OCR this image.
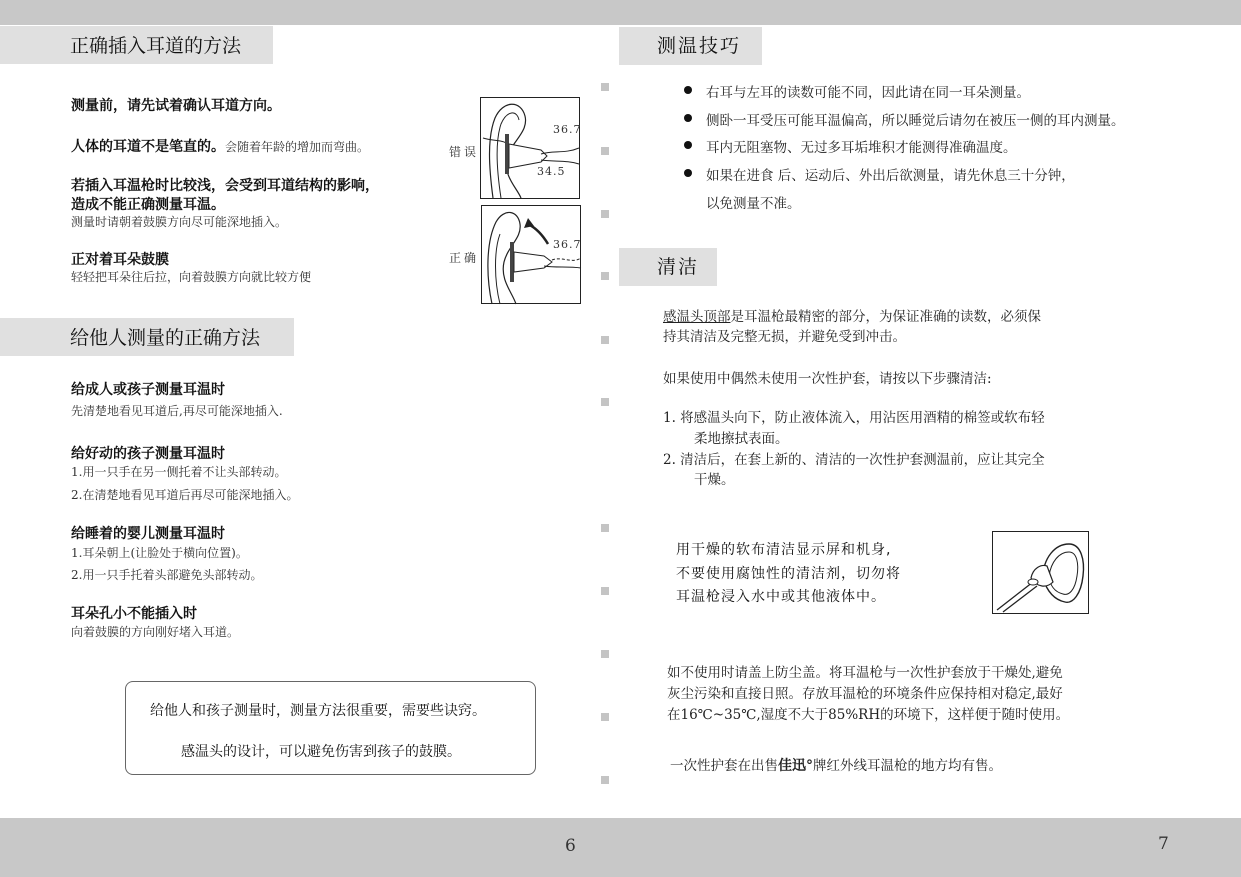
正确插入耳道的方法
测量前，请先试着确认耳道方向。
人体的耳道不是笔直的。会随着年龄的增加而弯曲。
若插入耳温枪时比较浅，会受到耳道结构的影响，
造成不能正确测量耳温。
测量时请朝着鼓膜方向尽可能深地插入。
正对着耳朵鼓膜
轻轻把耳朵往后拉，向着鼓膜方向就比较方便
错误
36.7
34.5
正确
36.7
给他人测量的正确方法
给成人或孩子测量耳温时
先清楚地看见耳道后,再尽可能深地插入.
给好动的孩子测量耳温时
1.用一只手在另一侧托着不让头部转动。
2.在清楚地看见耳道后再尽可能深地插入。
给睡着的婴儿测量耳温时
1.耳朵朝上(让脸处于横向位置)。
2.用一只手托着头部避免头部转动。
耳朵孔小不能插入时
向着鼓膜的方向刚好堵入耳道。
给他人和孩子测量时，测量方法很重要，需要些诀窍。
感温头的设计，可以避免伤害到孩子的鼓膜。
测温技巧
右耳与左耳的读数可能不同，因此请在同一耳朵测量。
侧卧一耳受压可能耳温偏高，所以睡觉后请勿在被压一侧的耳内测量。
耳内无阻塞物、无过多耳垢堆积才能测得准确温度。
如果在进食 后、运动后、外出后欲测量，请先休息三十分钟，
以免测量不准。
清洁
感温头顶部是耳温枪最精密的部分，为保证准确的读数，必须保
持其清洁及完整无损，并避免受到冲击。
如果使用中偶然未使用一次性护套，请按以下步骤清洁:
1. 将感温头向下，防止液体流入，用沾医用酒精的棉签或软布轻
柔地擦拭表面。
2. 清洁后，在套上新的、清洁的一次性护套测温前，应让其完全
干燥。
用干燥的软布清洁显示屏和机身,
不要使用腐蚀性的清洁剂，切勿将
耳温枪浸入水中或其他液体中。
如不使用时请盖上防尘盖。将耳温枪与一次性护套放于干燥处,避免
灰尘污染和直接日照。存放耳温枪的环境条件应保持相对稳定,最好
在16℃~35℃,湿度不大于85%RH的环境下，这样便于随时使用。
一次性护套在出售佳迅°牌红外线耳温枪的地方均有售。
6	7
